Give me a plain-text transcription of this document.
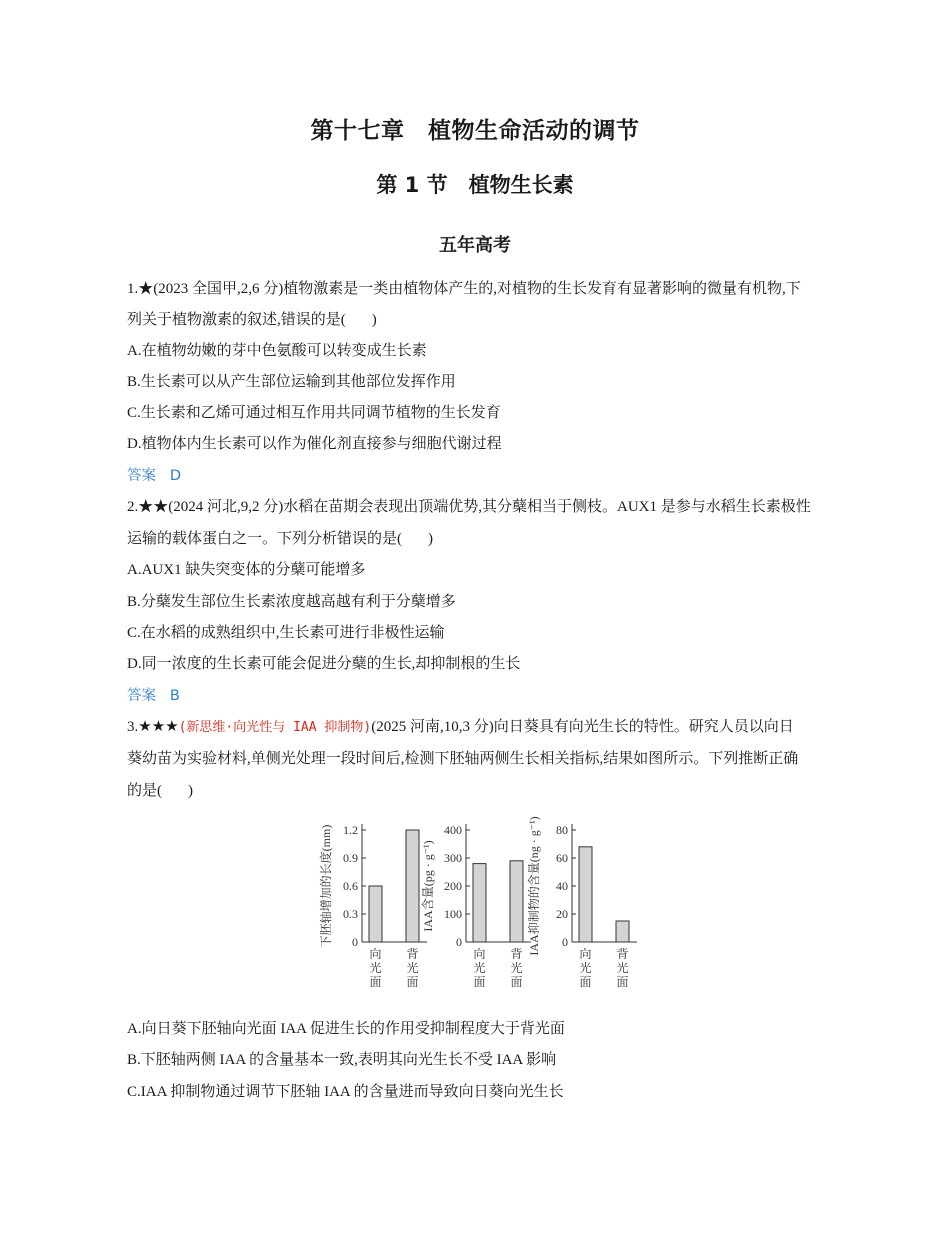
第十七章　植物生命活动的调节
第 1 节　植物生长素
五年高考
1.★(2023 全国甲,2,6 分)植物激素是一类由植物体产生的,对植物的生长发育有显著影响的微量有机物,下
列关于植物激素的叙述,错误的是( )
A.在植物幼嫩的芽中色氨酸可以转变成生长素
B.生长素可以从产生部位运输到其他部位发挥作用
C.生长素和乙烯可通过相互作用共同调节植物的生长发育
D.植物体内生长素可以作为催化剂直接参与细胞代谢过程
答案 D
2.★★(2024 河北,9,2 分)水稻在苗期会表现出顶端优势,其分蘖相当于侧枝。AUX1 是参与水稻生长素极性
运输的载体蛋白之一。下列分析错误的是( )
A.AUX1 缺失突变体的分蘖可能增多
B.分蘖发生部位生长素浓度越高越有利于分蘖增多
C.在水稻的成熟组织中,生长素可进行非极性运输
D.同一浓度的生长素可能会促进分蘖的生长,却抑制根的生长
答案 B
3.★★★(新思维·向光性与 IAA 抑制物)(2025 河南,10,3 分)向日葵具有向光生长的特性。研究人员以向日
葵幼苗为实验材料,单侧光处理一段时间后,检测下胚轴两侧生长相关指标,结果如图所示。下列推断正确
的是( )
0
0.3
0.6
0.9
1.2
下胚轴增加的长度(mm)
向光面
背光面
0
100
200
300
400
IAA含量(pg · g⁻¹)
向光面
背光面
0
20
40
60
80
IAA抑制物的含量(ng · g⁻¹)	向光面
背光面
A.向日葵下胚轴向光面 IAA 促进生长的作用受抑制程度大于背光面
B.下胚轴两侧 IAA 的含量基本一致,表明其向光生长不受 IAA 影响
C.IAA 抑制物通过调节下胚轴 IAA 的含量进而导致向日葵向光生长
